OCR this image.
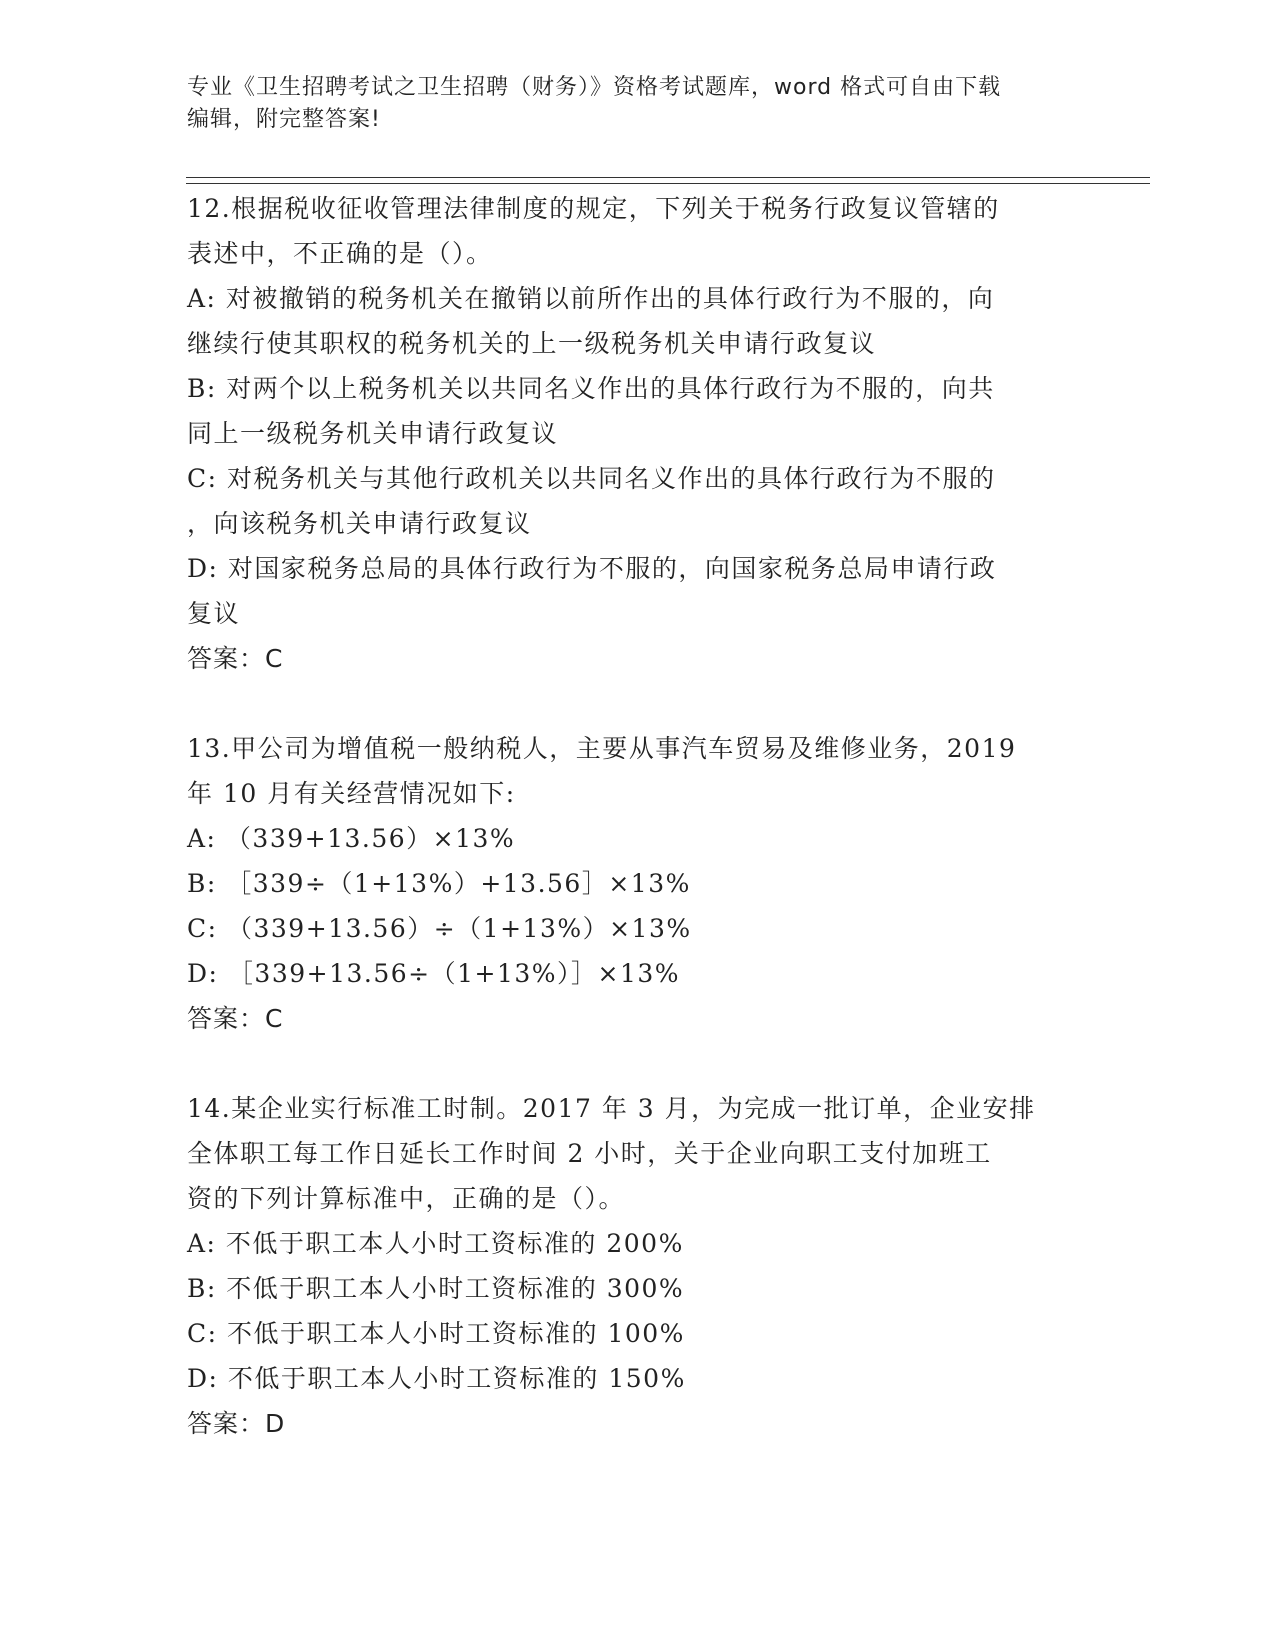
专业《卫生招聘考试之卫生招聘（财务）》资格考试题库，word 格式可自由下载
编辑，附完整答案!
12.根据税收征收管理法律制度的规定，下列关于税务行政复议管辖的
表述中，不正确的是（）。
A: 对被撤销的税务机关在撤销以前所作出的具体行政行为不服的，向
继续行使其职权的税务机关的上一级税务机关申请行政复议
B: 对两个以上税务机关以共同名义作出的具体行政行为不服的，向共
同上一级税务机关申请行政复议
C: 对税务机关与其他行政机关以共同名义作出的具体行政行为不服的
，向该税务机关申请行政复议
D: 对国家税务总局的具体行政行为不服的，向国家税务总局申请行政
复议
答案：C
13.甲公司为增值税一般纳税人，主要从事汽车贸易及维修业务，2019
年 10 月有关经营情况如下:
A: （339+13.56）×13%
B: ［339÷（1+13%）+13.56］×13%
C: （339+13.56）÷（1+13%）×13%
D: ［339+13.56÷（1+13%）］×13%
答案：C
14.某企业实行标准工时制。2017 年 3 月，为完成一批订单，企业安排
全体职工每工作日延长工作时间 2 小时，关于企业向职工支付加班工
资的下列计算标准中，正确的是（）。
A: 不低于职工本人小时工资标准的 200%
B: 不低于职工本人小时工资标准的 300%
C: 不低于职工本人小时工资标准的 100%
D: 不低于职工本人小时工资标准的 150%
答案：D
